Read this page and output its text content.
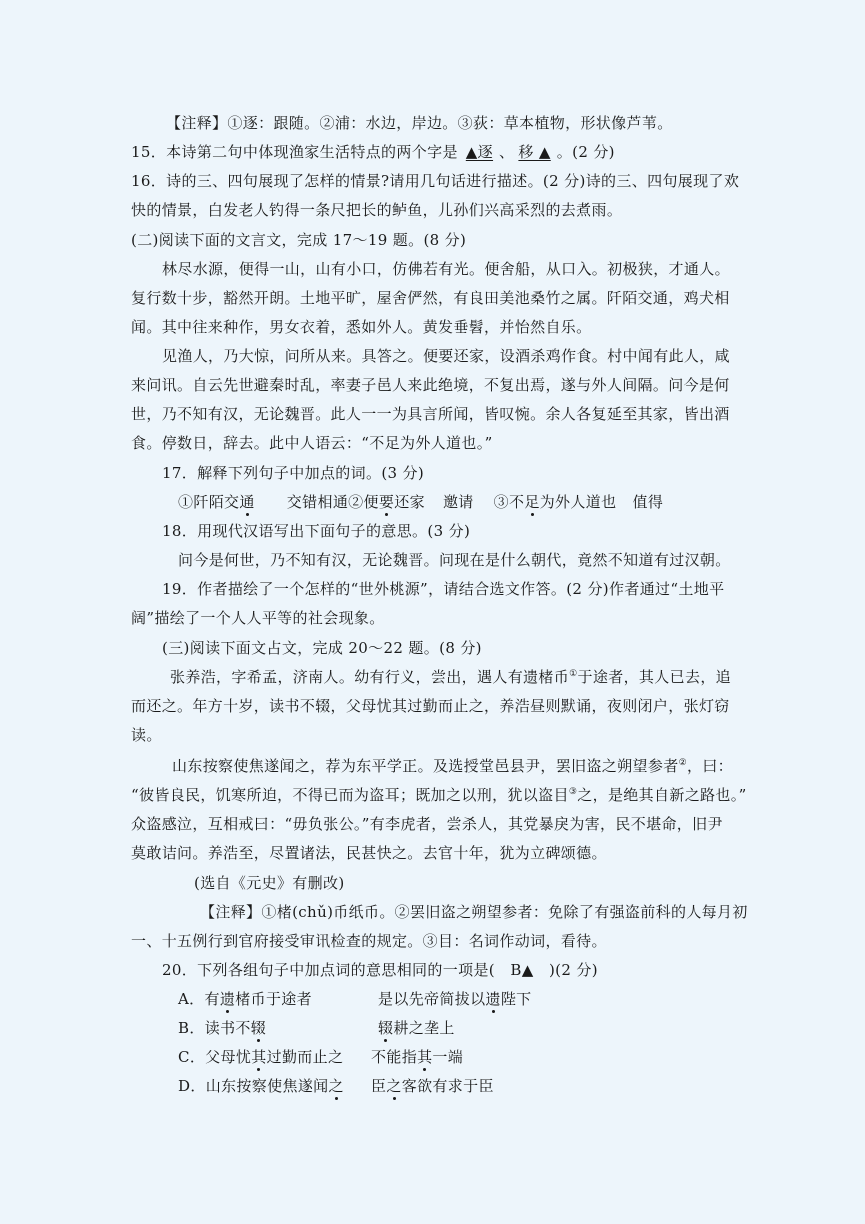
【注释】①逐：跟随。②浦：水边，岸边。③荻：草本植物，形状像芦苇。
15．本诗第二句中体现渔家生活特点的两个字是 ▲逐 、 移 ▲ 。(2 分)
16．诗的三、四句展现了怎样的情景?请用几句话进行描述。(2 分)诗的三、四句展现了欢
快的情景，白发老人钓得一条尺把长的鲈鱼，儿孙们兴高采烈的去煮雨。
(二)阅读下面的文言文，完成 17～19 题。(8 分)
林尽水源，便得一山，山有小口，仿佛若有光。便舍船，从口入。初极狭，才通人。
复行数十步，豁然开朗。土地平旷，屋舍俨然，有良田美池桑竹之属。阡陌交通，鸡犬相
闻。其中往来种作，男女衣着，悉如外人。黄发垂髫，并怡然自乐。
见渔人，乃大惊，问所从来。具答之。便要还家，设酒杀鸡作食。村中闻有此人，咸
来问讯。自云先世避秦时乱，率妻子邑人来此绝境，不复出焉，遂与外人间隔。问今是何
世，乃不知有汉，无论魏晋。此人一一为具言所闻，皆叹惋。余人各复延至其家，皆出酒
食。停数日，辞去。此中人语云：“不足为外人道也。”
17．解释下列句子中加点的词。(3 分)
①阡陌交通 交错相通②便要还家 邀请 ③不足为外人道也 值得
18．用现代汉语写出下面句子的意思。(3 分)
问今是何世，乃不知有汉，无论魏晋。问现在是什么朝代，竟然不知道有过汉朝。
19．作者描绘了一个怎样的“世外桃源”，请结合选文作答。(2 分)作者通过“土地平
阔”描绘了一个人人平等的社会现象。
(三)阅读下面文占文，完成 20～22 题。(8 分)
张养浩，字希孟，济南人。幼有行义，尝出，遇人有遗楮币①于途者，其人已去，追
而还之。年方十岁，读书不辍，父母忧其过勤而止之，养浩昼则默诵，夜则闭户，张灯窃
读。
山东按察使焦遂闻之，荐为东平学正。及选授堂邑县尹，罢旧盗之朔望参者②，曰：
“彼皆良民，饥寒所迫，不得已而为盗耳；既加之以刑，犹以盗目③之，是绝其自新之路也。”
众盗感泣，互相戒曰：“毋负张公。”有李虎者，尝杀人，其党暴戾为害，民不堪命，旧尹
莫敢诘问。养浩至，尽置诸法，民甚快之。去官十年，犹为立碑颂德。
(选自《元史》有删改)
【注释】①楮(chǔ)币纸币。②罢旧盗之朔望参者：免除了有强盗前科的人每月初
一、十五例行到官府接受审讯检查的规定。③目：名词作动词，看待。
20．下列各组句子中加点词的意思相同的一项是(　B▲　)(2 分)
A．有遗楮币于途者	是以先帝简拔以遗陛下
B．读书不辍	辍耕之垄上
C．父母忧其过勤而止之 不能指其一端
D．山东按察使焦遂闻之 臣之客欲有求于臣
